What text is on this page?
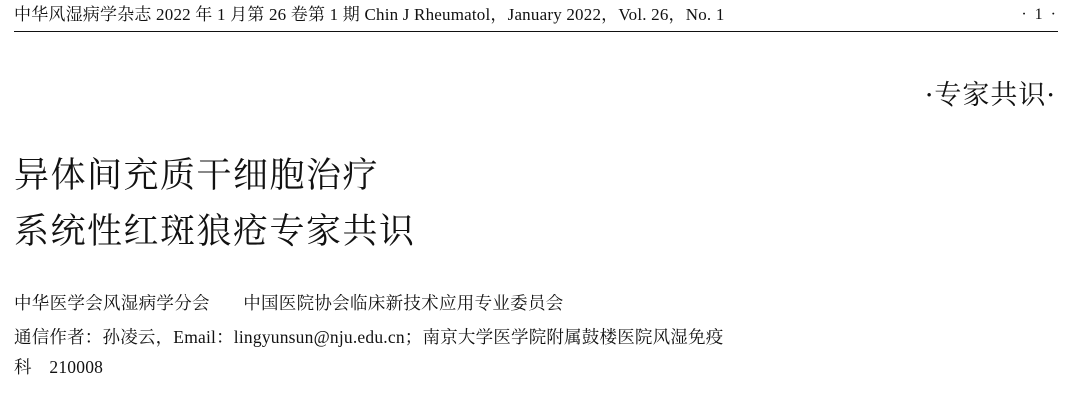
中华风湿病学杂志 2022 年 1 月第 26 卷第 1 期 Chin J Rheumatol，January 2022，Vol. 26，No. 1	· 1 ·
·专家共识·
异体间充质干细胞治疗
系统性红斑狼疮专家共识
中华医学会风湿病学分会 中国医院协会临床新技术应用专业委员会
通信作者：孙凌云，Email：lingyunsun@nju.edu.cn；南京大学医学院附属鼓楼医院风湿免疫
科　210008
